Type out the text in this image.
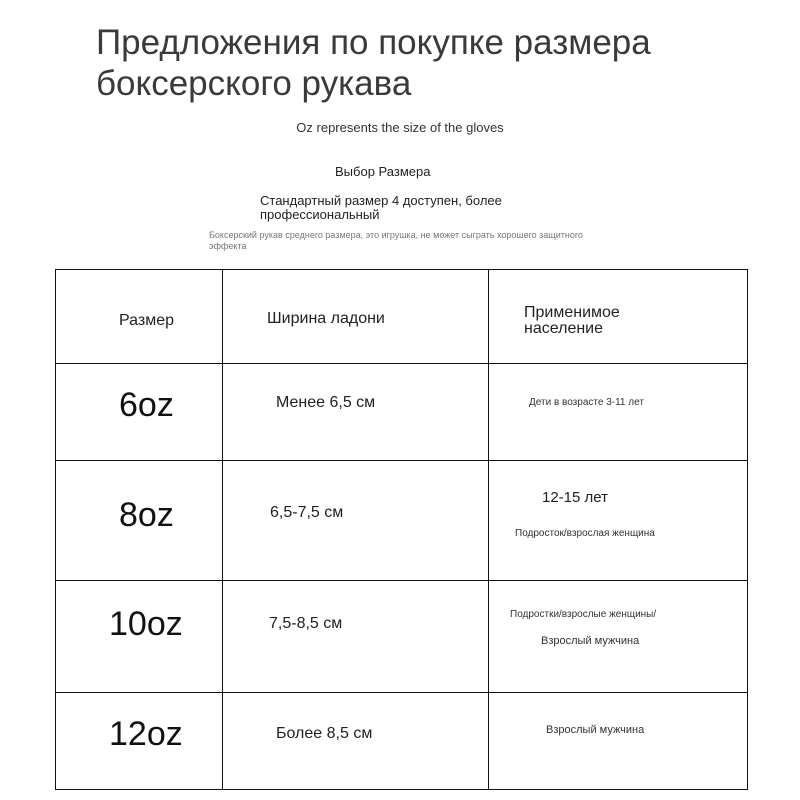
Предложения по покупке размера
боксерского рукава
Oz represents the size of the gloves
Выбор Размера
Стандартный размер 4 доступен, более профессиональный
Боксерский рукав среднего размера, это игрушка, не может сыграть хорошего защитного эффекта
Размер	Ширина ладони	Применимое население

6oz	Менее 6,5 см	Дети в возрасте 3-11 лет

8oz	6,5-7,5 см	12-15 лет
Подросток/взрослая женщина

10oz	7,5-8,5 см	Подростки/взрослые женщины/
Взрослый мужчина

12oz	Более 8,5 см	Взрослый мужчина
